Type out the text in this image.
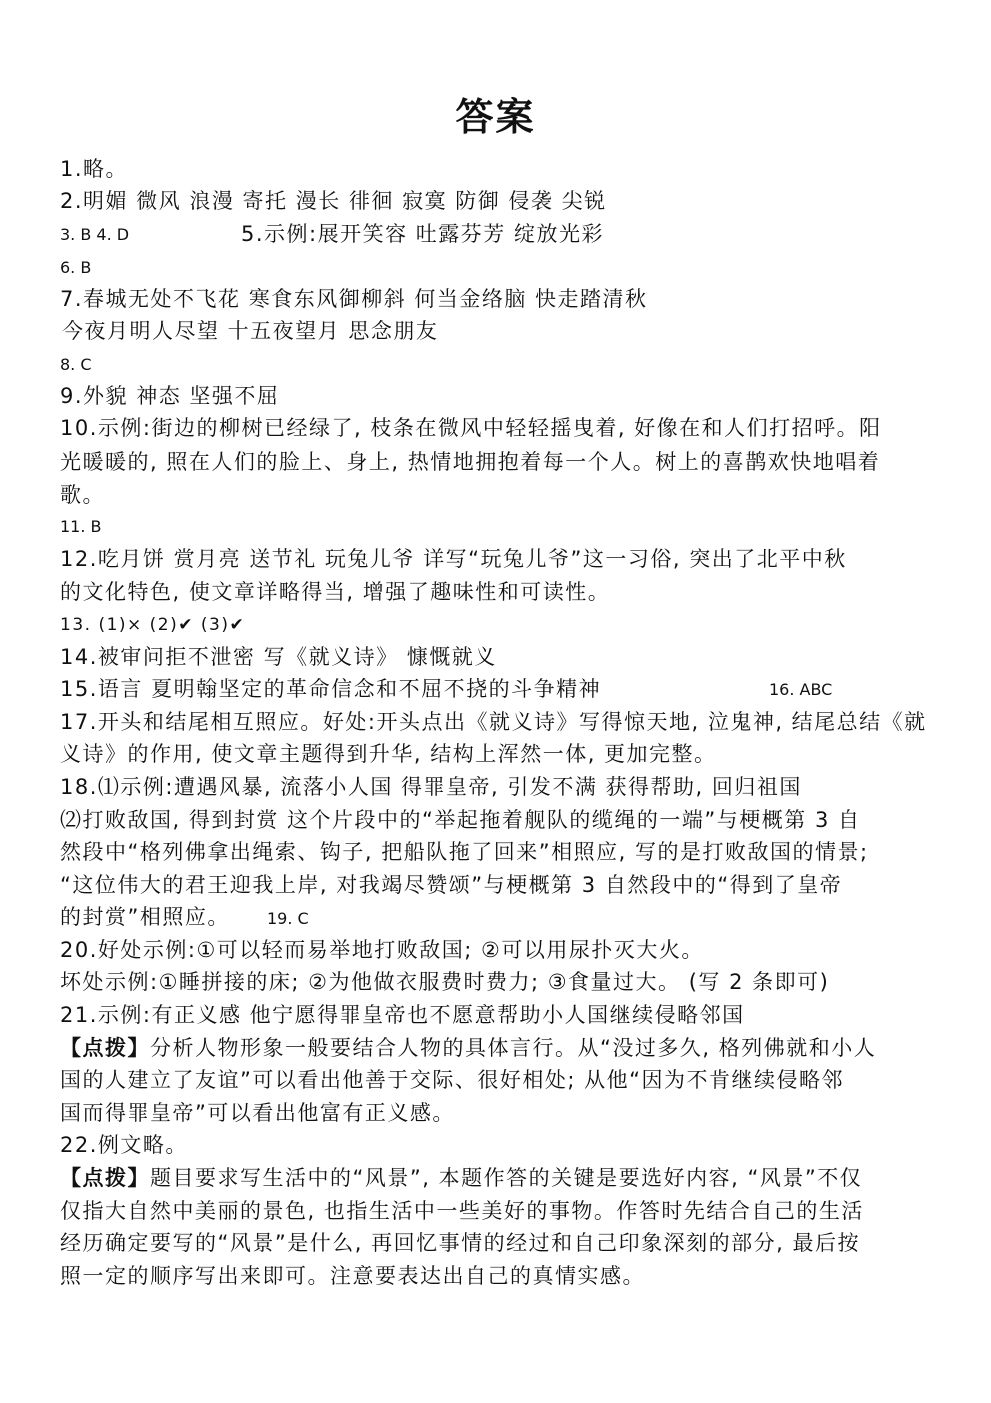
答案
1.略。
2.明媚 微风 浪漫 寄托 漫长 徘徊 寂寞 防御 侵袭 尖锐
3. B 4. D	5.示例:展开笑容 吐露芬芳 绽放光彩
6. B
7.春城无处不飞花 寒食东风御柳斜 何当金络脑 快走踏清秋
今夜月明人尽望 十五夜望月 思念朋友
8. C
9.外貌 神态 坚强不屈
10.示例:街边的柳树已经绿了, 枝条在微风中轻轻摇曳着, 好像在和人们打招呼。阳
光暖暖的, 照在人们的脸上、身上, 热情地拥抱着每一个人。树上的喜鹊欢快地唱着
歌。
11. B
12.吃月饼 赏月亮 送节礼 玩兔儿爷 详写“玩兔儿爷”这一习俗, 突出了北平中秋
的文化特色, 使文章详略得当, 增强了趣味性和可读性。
13. (1)× (2)✔ (3)✔
14.被审问拒不泄密 写《就义诗》 慷慨就义
15.语言 夏明翰坚定的革命信念和不屈不挠的斗争精神	16. ABC
17.开头和结尾相互照应。好处:开头点出《就义诗》写得惊天地, 泣鬼神, 结尾总结《就
义诗》的作用, 使文章主题得到升华, 结构上浑然一体, 更加完整。
18.⑴示例:遭遇风暴, 流落小人国 得罪皇帝, 引发不满 获得帮助, 回归祖国
⑵打败敌国, 得到封赏 这个片段中的“举起拖着舰队的缆绳的一端”与梗概第 3 自
然段中“格列佛拿出绳索、钩子, 把船队拖了回来”相照应, 写的是打败敌国的情景;
“这位伟大的君王迎我上岸, 对我竭尽赞颂”与梗概第 3 自然段中的“得到了皇帝
的封赏”相照应。 19. C
20.好处示例:①可以轻而易举地打败敌国; ②可以用尿扑灭大火。
坏处示例:①睡拼接的床; ②为他做衣服费时费力; ③食量过大。 (写 2 条即可)
21.示例:有正义感 他宁愿得罪皇帝也不愿意帮助小人国继续侵略邻国
【点拨】分析人物形象一般要结合人物的具体言行。从“没过多久, 格列佛就和小人
国的人建立了友谊”可以看出他善于交际、很好相处; 从他“因为不肯继续侵略邻
国而得罪皇帝”可以看出他富有正义感。
22.例文略。
【点拨】题目要求写生活中的“风景”, 本题作答的关键是要选好内容, “风景”不仅
仅指大自然中美丽的景色, 也指生活中一些美好的事物。作答时先结合自己的生活
经历确定要写的“风景”是什么, 再回忆事情的经过和自己印象深刻的部分, 最后按
照一定的顺序写出来即可。注意要表达出自己的真情实感。
